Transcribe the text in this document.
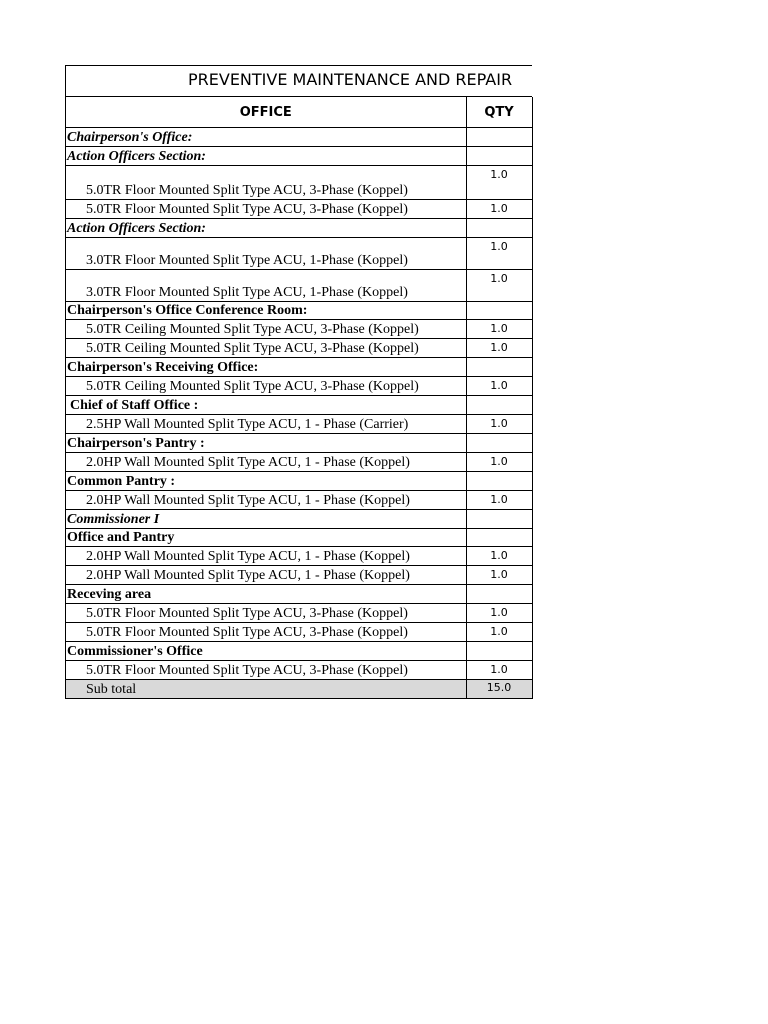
PREVENTIVE MAINTENANCE AND REPAIR
OFFICE	QTY
Chairperson's Office:	
Action Officers Section:	
5.0TR Floor Mounted Split Type ACU, 3-Phase (Koppel)	1.0
5.0TR Floor Mounted Split Type ACU, 3-Phase (Koppel)	1.0
Action Officers Section:	
3.0TR Floor Mounted Split Type ACU, 1-Phase (Koppel)	1.0
3.0TR Floor Mounted Split Type ACU, 1-Phase (Koppel)	1.0
Chairperson's Office Conference Room:	
5.0TR Ceiling Mounted Split Type ACU, 3-Phase (Koppel)	1.0
5.0TR Ceiling Mounted Split Type ACU, 3-Phase (Koppel)	1.0
Chairperson's Receiving Office:	
5.0TR Ceiling Mounted Split Type ACU, 3-Phase (Koppel)	1.0
Chief of Staff Office :	
2.5HP Wall Mounted Split Type ACU, 1 - Phase (Carrier)	1.0
Chairperson's Pantry :	
2.0HP Wall Mounted Split Type ACU, 1 - Phase (Koppel)	1.0
Common Pantry :	
2.0HP Wall Mounted Split Type ACU, 1 - Phase (Koppel)	1.0
Commissioner I	
Office and Pantry	
2.0HP Wall Mounted Split Type ACU, 1 - Phase (Koppel)	1.0
2.0HP Wall Mounted Split Type ACU, 1 - Phase (Koppel)	1.0
Receving area	
5.0TR Floor Mounted Split Type ACU, 3-Phase (Koppel)	1.0
5.0TR Floor Mounted Split Type ACU, 3-Phase (Koppel)	1.0
Commissioner's Office	
5.0TR Floor Mounted Split Type ACU, 3-Phase (Koppel)	1.0
Sub total	15.0
